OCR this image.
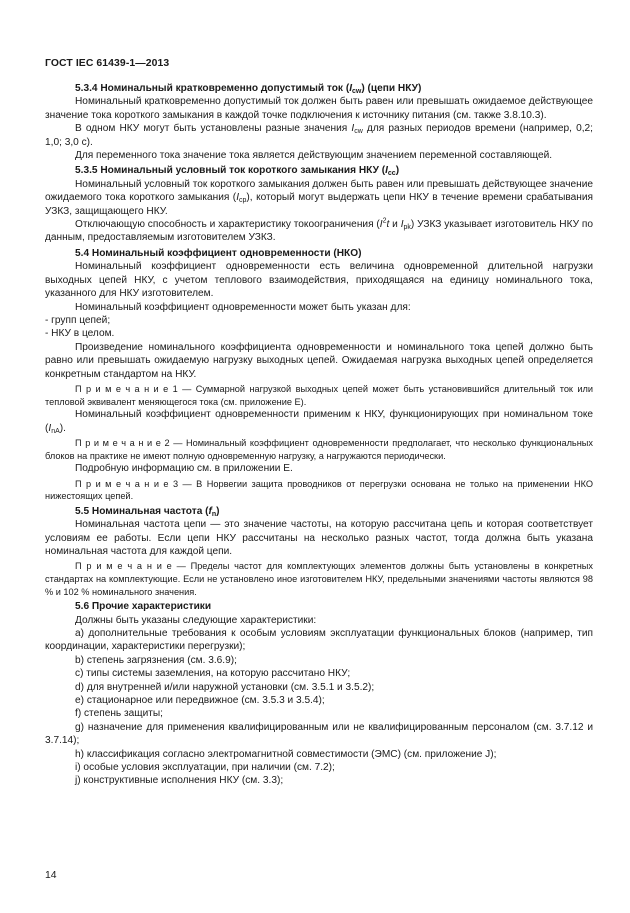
ГОСТ IEC 61439-1—2013

5.3.4 Номинальный кратковременно допустимый ток $(I_{cw})$ (цепи НКУ)

Номинальный кратковременно допустимый ток должен быть равен или превышать ожидаемое действующее значение тока короткого замыкания в каждой точке подключения к источнику питания (см. также 3.8.10.3).

В одном НКУ могут быть установлены разные значения $I_{cw}$ для разных периодов времени (например, 0,2; 1,0; 3,0 с).

Для переменного тока значение тока является действующим значением переменной составляющей.

5.3.5 Номинальный условный ток короткого замыкания НКУ $(I_{cc})$

Номинальный условный ток короткого замыкания должен быть равен или превышать действующее значение ожидаемого тока короткого замыкания $(I_{cp})$, который могут выдержать цепи НКУ в течение времени срабатывания УЗКЗ, защищающего НКУ.

Отключающую способность и характеристику токоограничения ($I^2t$ и $I_{pk}$) УЗКЗ указывает изготовитель НКУ по данным, предоставляемым изготовителем УЗКЗ.

5.4 Номинальный коэффициент одновременности (НКО)

Номинальный коэффициент одновременности есть величина одновременной длительной нагрузки выходных цепей НКУ, с учетом теплового взаимодействия, приходящаяся на единицу номинального тока, указанного для НКУ изготовителем.

Номинальный коэффициент одновременности может быть указан для:

- групп цепей;

- НКУ в целом.

Произведение номинального коэффициента одновременности и номинального тока цепей должно быть равно или превышать ожидаемую нагрузку выходных цепей. Ожидаемая нагрузка выходных цепей определяется конкретным стандартом на НКУ.

П р и м е ч а н и е 1 — Суммарной нагрузкой выходных цепей может быть установившийся длительный ток или тепловой эквивалент меняющегося тока (см. приложение Е).

Номинальный коэффициент одновременности применим к НКУ, функционирующих при номинальном токе $(I_{nA})$.

П р и м е ч а н и е 2 — Номинальный коэффициент одновременности предполагает, что несколько функциональных блоков на практике не имеют полную одновременную нагрузку, а нагружаются периодически.

Подробную информацию см. в приложении Е.

П р и м е ч а н и е 3 — В Норвегии защита проводников от перегрузки основана не только на применении НКО нижестоящих цепей.

5.5 Номинальная частота $(f_n)$

Номинальная частота цепи — это значение частоты, на которую рассчитана цепь и которая соответствует условиям ее работы. Если цепи НКУ рассчитаны на несколько разных частот, тогда должна быть указана номинальная частота для каждой цепи.

П р и м е ч а н и е — Пределы частот для комплектующих элементов должны быть установлены в конкретных стандартах на комплектующие. Если не установлено иное изготовителем НКУ, предельными значениями частоты являются 98 % и 102 % номинального значения.

5.6 Прочие характеристики

Должны быть указаны следующие характеристики:

а) дополнительные требования к особым условиям эксплуатации функциональных блоков (например, тип координации, характеристики перегрузки);

b) степень загрязнения (см. 3.6.9);

с) типы системы заземления, на которую рассчитано НКУ;

d) для внутренней и/или наружной установки (см. 3.5.1 и 3.5.2);

е) стационарное или передвижное (см. 3.5.3 и 3.5.4);

f) степень защиты;

g) назначение для применения квалифицированным или не квалифицированным персоналом (см. 3.7.12 и 3.7.14);

h) классификация согласно электромагнитной совместимости (ЭМС) (см. приложение J);

i) особые условия эксплуатации, при наличии (см. 7.2);

j) конструктивные исполнения НКУ (см. 3.3);

14
